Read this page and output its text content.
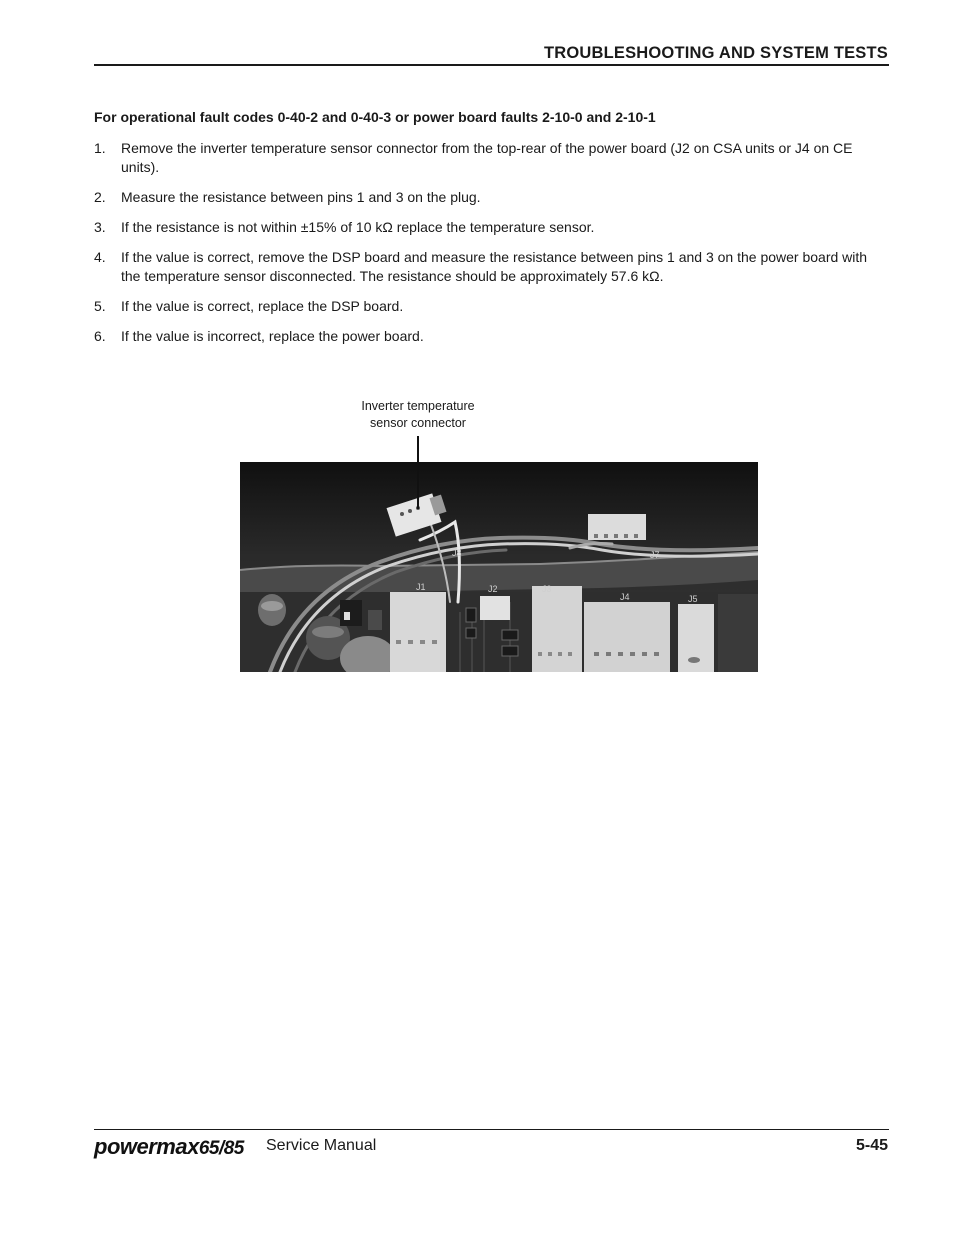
TROUBLESHOOTING AND SYSTEM TESTS
For operational fault codes 0-40-2 and 0-40-3 or power board faults 2-10-0 and 2-10-1
1. Remove the inverter temperature sensor connector from the top-rear of the power board (J2 on CSA units or J4 on CE units).
2. Measure the resistance between pins 1 and 3 on the plug.
3. If the resistance is not within ±15% of 10 kΩ replace the temperature sensor.
4. If the value is correct, remove the DSP board and measure the resistance between pins 1 and 3 on the power board with the temperature sensor disconnected. The resistance should be approximately 57.6 kΩ.
5. If the value is correct, replace the DSP board.
6. If the value is incorrect, replace the power board.
Inverter temperature
sensor connector
J1	J2	J3
J4	J5
J7
J8
powermax65/85 Service Manual	5-45
